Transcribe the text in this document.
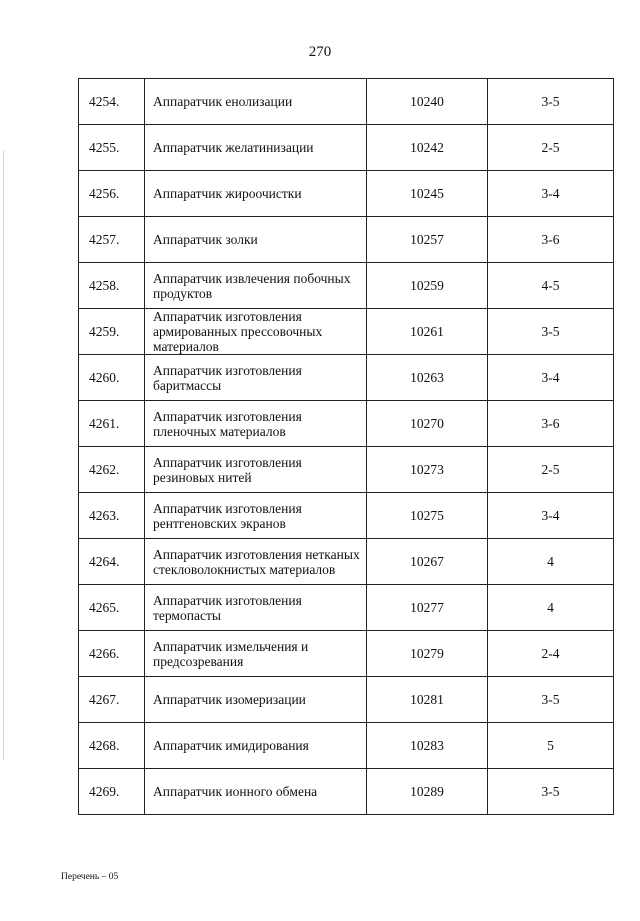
270
4254.	Аппаратчик енолизации	10240	3-5
4255.	Аппаратчик желатинизации	10242	2-5
4256.	Аппаратчик жироочистки	10245	3-4
4257.	Аппаратчик золки	10257	3-6
4258.	Аппаратчик извлечения побочных продуктов	10259	4-5
4259.	Аппаратчик изготовления армированных прессовочных материалов	10261	3-5
4260.	Аппаратчик изготовления баритмассы	10263	3-4
4261.	Аппаратчик изготовления пленочных материалов	10270	3-6
4262.	Аппаратчик изготовления резиновых нитей	10273	2-5
4263.	Аппаратчик изготовления рентгеновских экранов	10275	3-4
4264.	Аппаратчик изготовления нетканых стекловолокнистых материалов	10267	4
4265.	Аппаратчик изготовления термопасты	10277	4
4266.	Аппаратчик измельчения и предсозревания	10279	2-4
4267.	Аппаратчик изомеризации	10281	3-5
4268.	Аппаратчик имидирования	10283	5
4269.	Аппаратчик ионного обмена	10289	3-5
Перечень – 05
